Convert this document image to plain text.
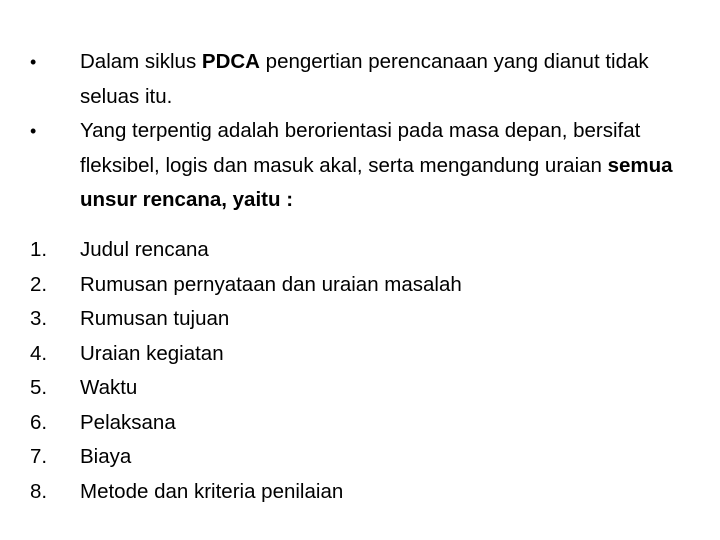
• Dalam siklus PDCA pengertian perencanaan yang dianut tidak seluas itu.
• Yang terpentig adalah berorientasi pada masa depan, bersifat fleksibel, logis dan masuk akal, serta mengandung uraian semua unsur rencana, yaitu :
1. Judul rencana
2. Rumusan pernyataan dan uraian masalah
3. Rumusan tujuan
4. Uraian kegiatan
5. Waktu
6. Pelaksana
7. Biaya
8. Metode dan kriteria penilaian
